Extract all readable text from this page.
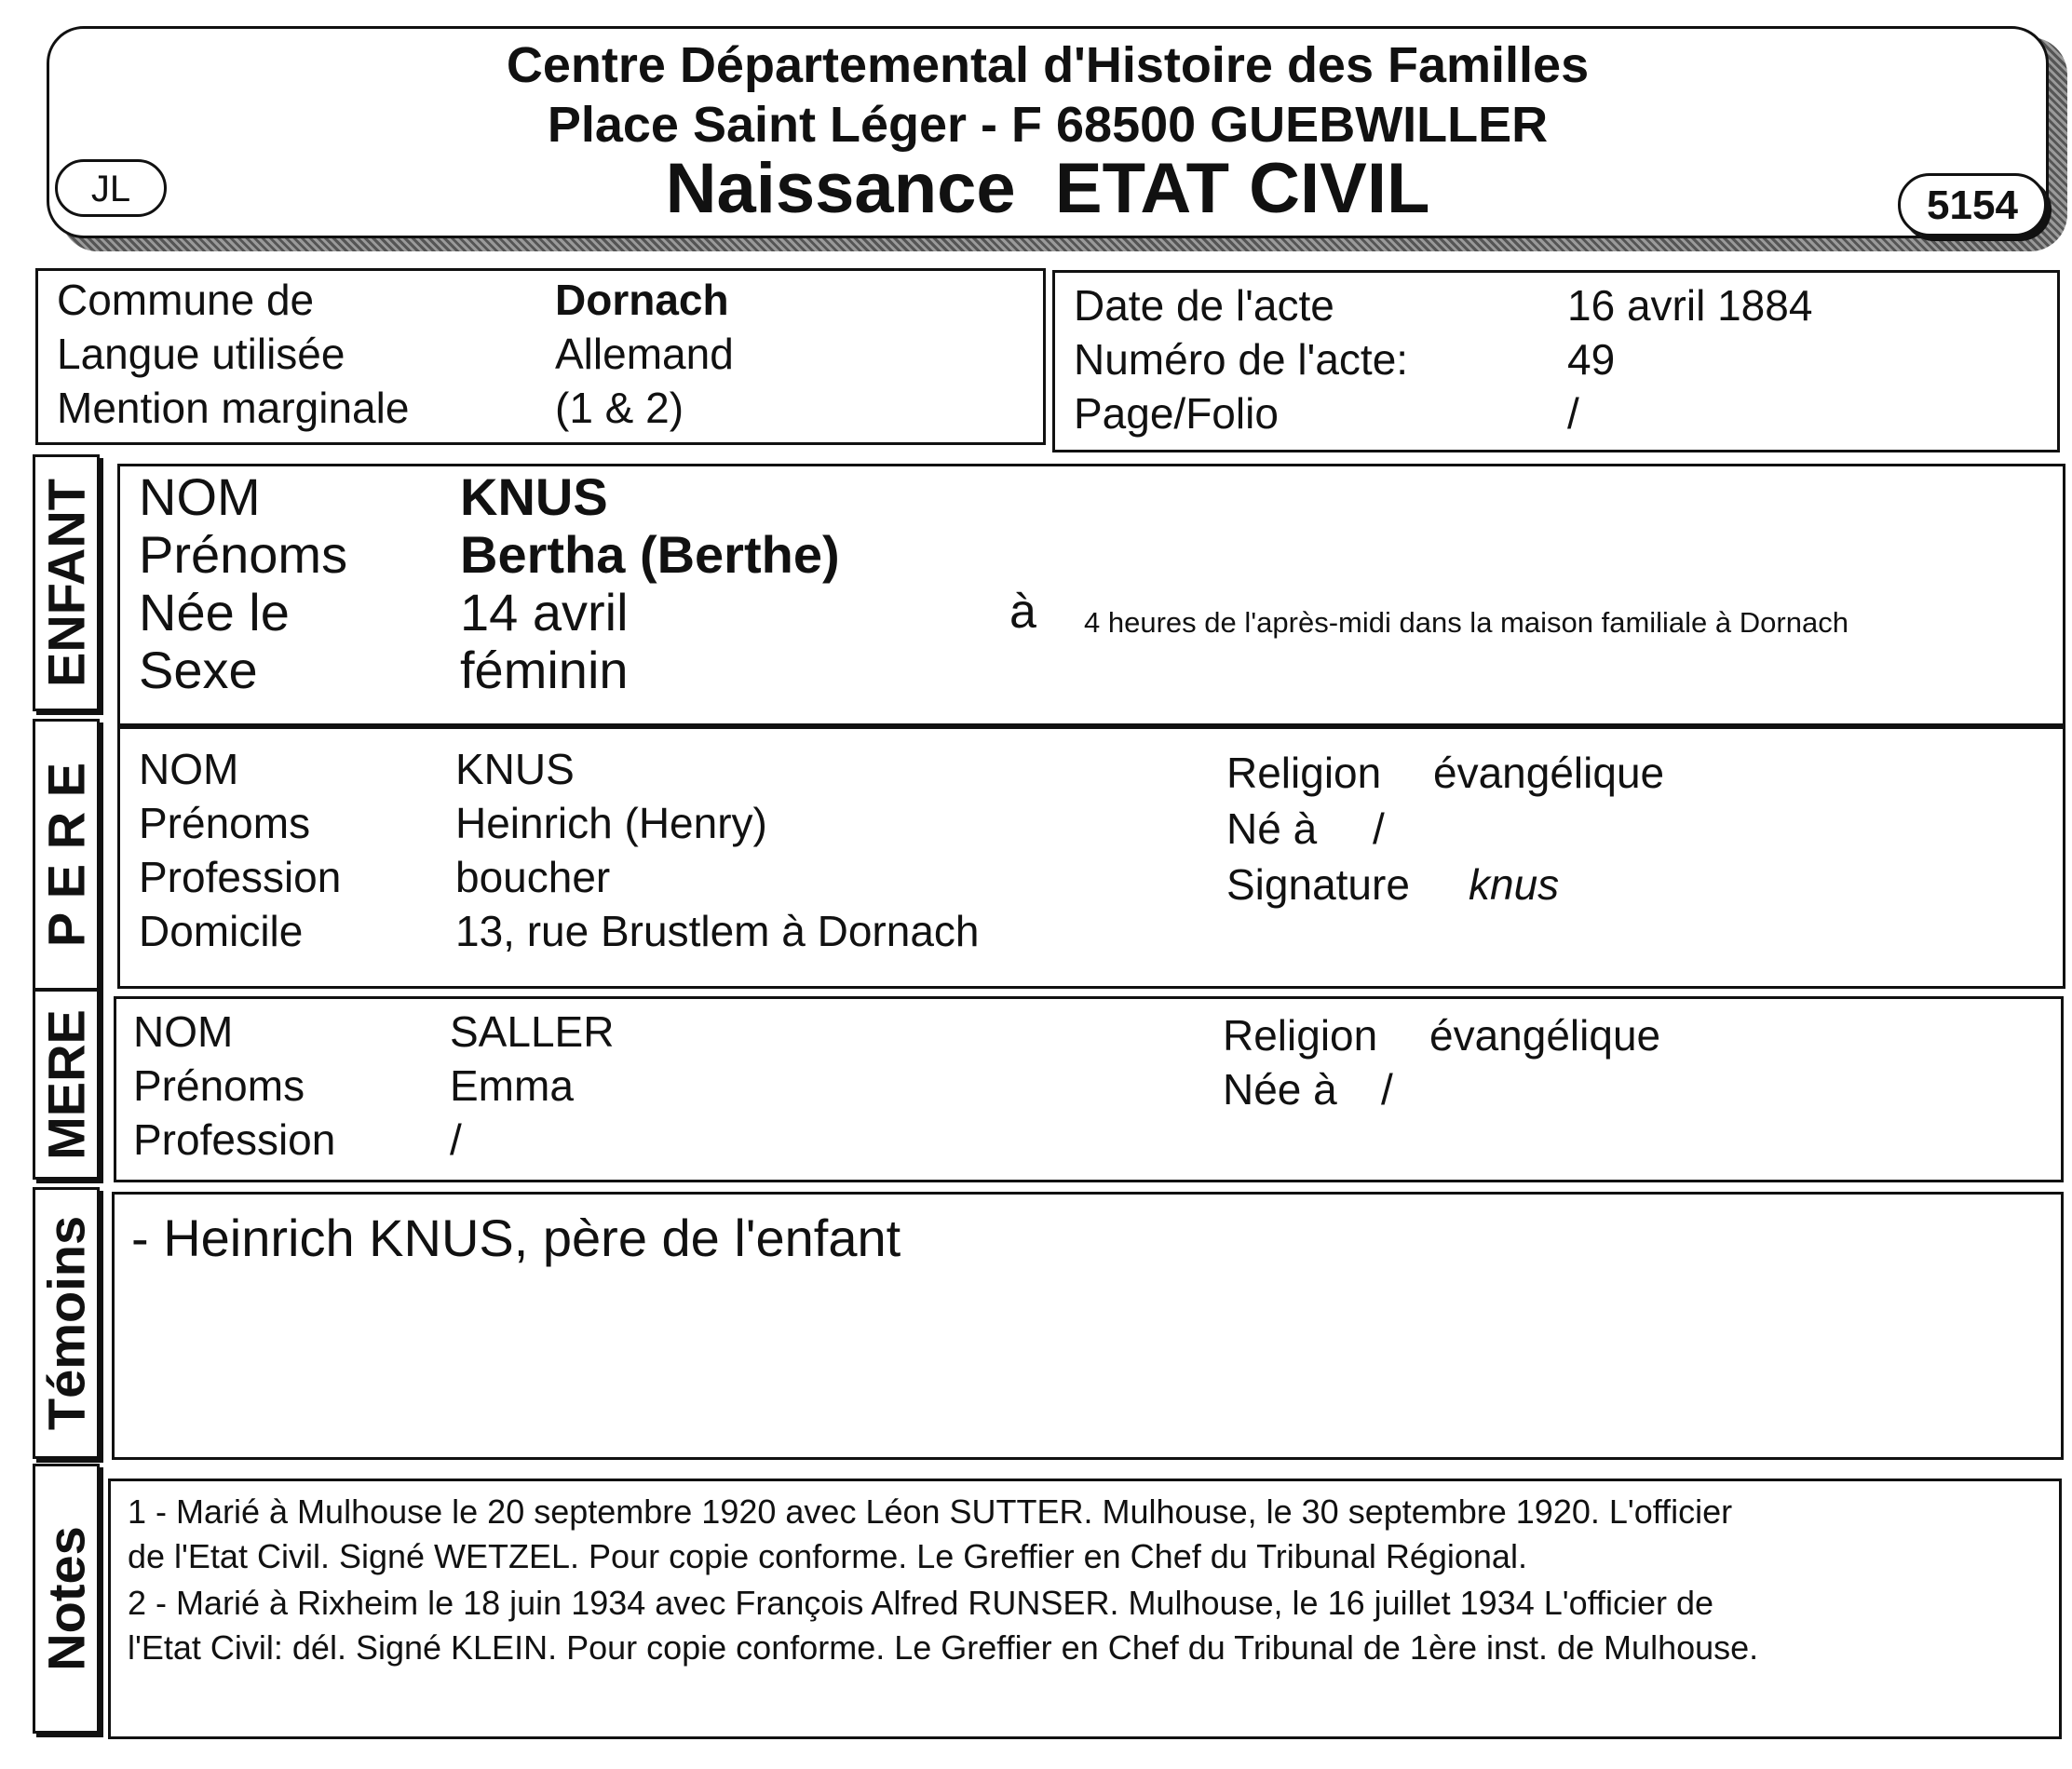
Centre Départemental d'Histoire des Familles
Place Saint Léger - F 68500 GUEBWILLER
Naissance  ETAT CIVIL
JL	5154
Commune de	Dornach
Langue utilisée	Allemand
Mention marginale	(1 & 2)
Date de l'acte	16 avril 1884
Numéro de l'acte:	49
Page/Folio	/
ENFANT NOM	KNUS
Prénoms Bertha (Berthe)
Née le	14 avril	à 4 heures de l'après-midi dans la maison familiale à Dornach
Sexe	féminin
P E R E NOM	KNUS
Prénoms	Heinrich (Henry)
Profession	boucher
Domicile	13, rue Brustlem à Dornach
Religion évangélique
Né à /
Signature knus
MERE NOM	SALLER
Prénoms	Emma
Profession	/
Religion évangélique
Née à /
Témoins - Heinrich KNUS, père de l'enfant
Notes
1 - Marié à Mulhouse le 20 septembre 1920 avec Léon SUTTER. Mulhouse, le 30 septembre 1920. L'officier
de l'Etat Civil. Signé WETZEL. Pour copie conforme. Le Greffier en Chef du Tribunal Régional.
2 - Marié à Rixheim le 18 juin 1934 avec François Alfred RUNSER. Mulhouse, le 16 juillet 1934 L'officier de
l'Etat Civil: dél. Signé KLEIN. Pour copie conforme. Le Greffier en Chef du Tribunal de 1ère inst. de Mulhouse.
